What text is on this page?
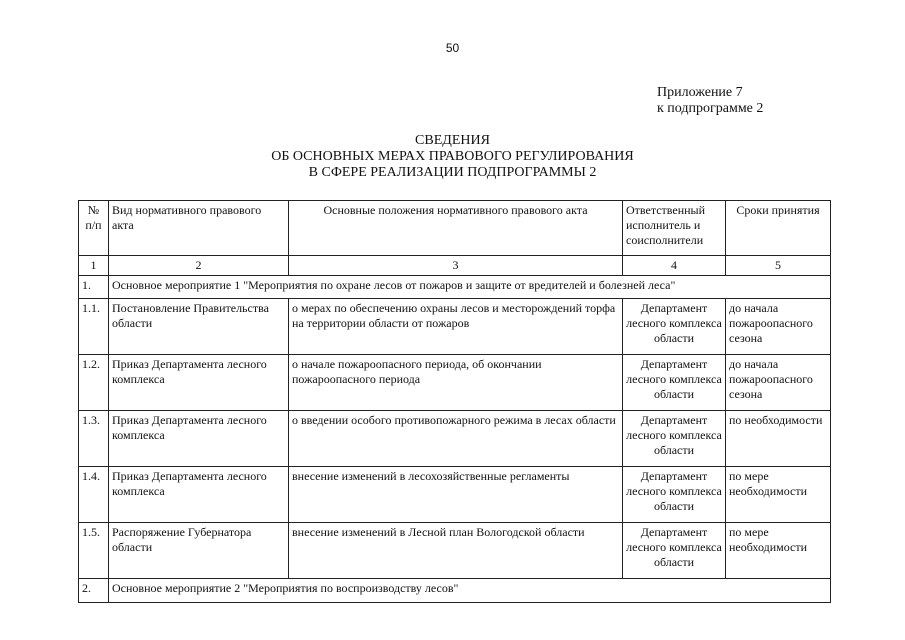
50
Приложение 7
к подпрограмме 2
СВЕДЕНИЯ
ОБ ОСНОВНЫХ МЕРАХ ПРАВОВОГО РЕГУЛИРОВАНИЯ
В СФЕРЕ РЕАЛИЗАЦИИ ПОДПРОГРАММЫ 2
№ п/п	Вид нормативного правового акта	Основные положения нормативного правового акта	Ответственный исполнитель и соисполнители	Сроки принятия
1	2	3	4	5
1.	Основное мероприятие 1 "Мероприятия по охране лесов от пожаров и защите от вредителей и болезней леса"			
1.1.	Постановление Правительства области	о мерах по обеспечению охраны лесов и месторождений торфа на территории области от пожаров	Департамент лесного комплекса области	до начала пожароопасного сезона
1.2.	Приказ Департамента лесного комплекса	о начале пожароопасного периода, об окончании пожароопасного периода	Департамент лесного комплекса области	до начала пожароопасного сезона
1.3.	Приказ Департамента лесного комплекса	о введении особого противопожарного режима в лесах области	Департамент лесного комплекса области	по необходимости
1.4.	Приказ Департамента лесного комплекса	внесение изменений в лесохозяйственные регламенты	Департамент лесного комплекса области	по мере необходимости
1.5.	Распоряжение Губернатора области	внесение изменений в Лесной план Вологодской области	Департамент лесного комплекса области	по мере необходимости
2.	Основное мероприятие 2 "Мероприятия по воспроизводству лесов"			
